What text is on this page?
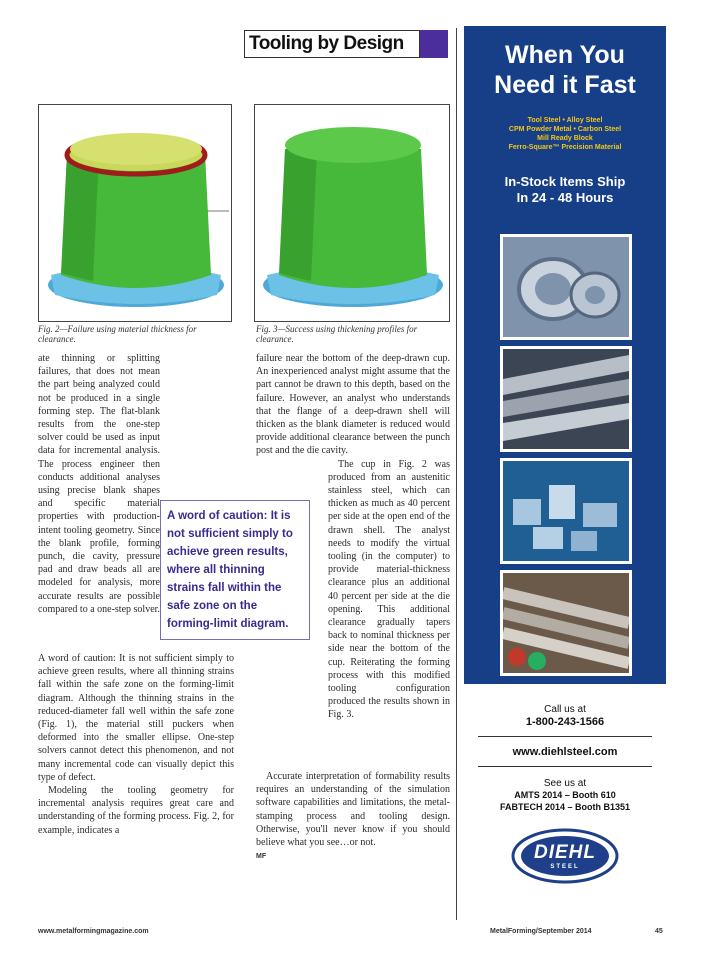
Tooling by Design
Fig. 2—Failure using material thickness for clearance.
Fig. 3—Success using thickening profiles for clearance.

ate thinning or splitting failures, that does not mean the part being analyzed could not be produced in a single forming step. The flat-blank results from the one-step solver could be used as input data for incremental analysis. The process engineer then conducts additional analyses using precise blank shapes and specific material properties with production-intent tooling geometry. Since the blank profile, forming punch, die cavity, pressure pad and draw beads all are modeled for analysis, more accurate results are possible compared to a one-step solver.

A word of caution: It is not sufficient simply to achieve green results, where all thinning strains fall within the safe zone on the forming-limit diagram. Although the thinning strains in the reduced-diameter fall well within the safe zone (Fig. 1), the material still puckers when deformed into the smaller ellipse. One-step solvers cannot detect this phenomenon, and not many incremental code can visually depict this type of defect.

Modeling the tooling geometry for incremental analysis requires great care and understanding of the forming process. Fig. 2, for example, indicates a

failure near the bottom of the deep-drawn cup. An inexperienced analyst might assume that the part cannot be drawn to this depth, based on the failure. However, an analyst who understands that the flange of a deep-drawn shell will thicken as the blank diameter is reduced would provide additional clearance between the punch post and the die cavity.

The cup in Fig. 2 was produced from an austenitic stainless steel, which can thicken as much as 40 percent per side at the open end of the drawn shell. The analyst needs to modify the virtual tooling (in the computer) to provide material-thickness clearance plus an additional 40 percent per side at the die opening. This additional clearance gradually tapers back to nominal thickness per side near the bottom of the cup. Reiterating the forming process with this modified tooling configuration produced the results shown in Fig. 3.

Accurate interpretation of formability results requires an understanding of the simulation software capabilities and limitations, the metal-stamping process and tooling design. Otherwise, you'll never know if you should believe what you see…or not.

MF
A word of caution: It is not sufficient simply to achieve green results, where all thinning strains fall within the safe zone on the forming-limit diagram.
When You
Need it Fast
Tool Steel • Alloy Steel
CPM Powder Metal • Carbon Steel
Mill Ready Block
Ferro-Square™ Precision Material
In-Stock Items Ship
In 24 - 48 Hours
Call us at
1-800-243-1566
www.diehlsteel.com
See us at
AMTS 2014 – Booth 610
FABTECH 2014 – Booth B1351
DIEHL
STEEL
www.metalformingmagazine.com	MetalForming/September 2014	45
